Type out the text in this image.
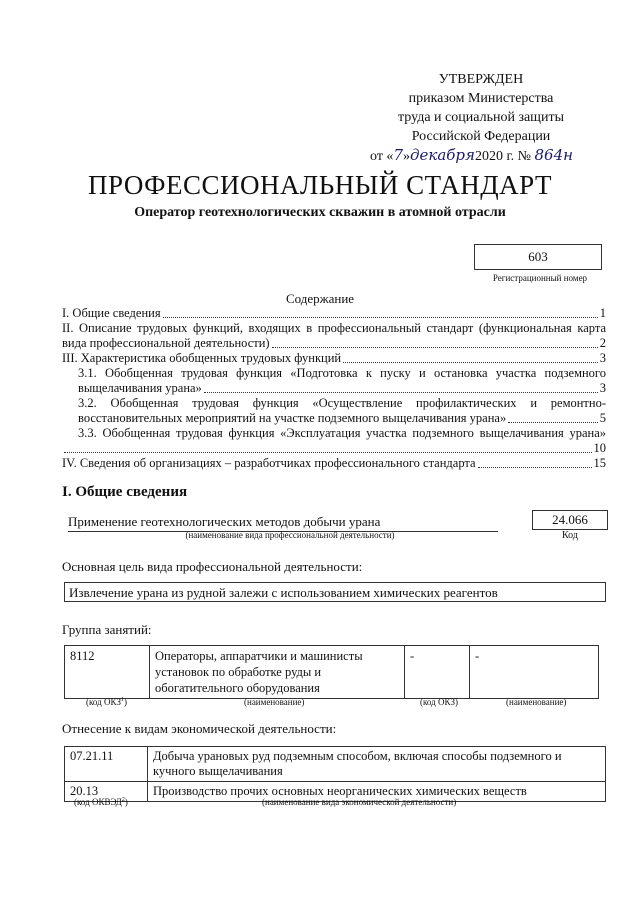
УТВЕРЖДЕН
приказом Министерства
труда и социальной защиты
Российской Федерации
от «7»декабря2020 г. № 864н
ПРОФЕССИОНАЛЬНЫЙ СТАНДАРТ
Оператор геотехнологических скважин в атомной отрасли
603
Регистрационный номер
Содержание
I. Общие сведения	1
II. Описание трудовых функций, входящих в профессиональный стандарт (функциональная карта
вида профессиональной деятельности)	2
III. Характеристика обобщенных трудовых функций	3
3.1. Обобщенная трудовая функция «Подготовка к пуску и остановка участка подземного
выщелачивания урана»	3
3.2. Обобщенная трудовая функция «Осуществление профилактических и ремонтно-
восстановительных мероприятий на участке подземного выщелачивания урана»	5
3.3. Обобщенная трудовая функция «Эксплуатация участка подземного выщелачивания урана»
10
IV. Сведения об организациях – разработчиках профессионального стандарта	15
I. Общие сведения
Применение геотехнологических методов добычи урана
(наименование вида профессиональной деятельности)
24.066
Код
Основная цель вида профессиональной деятельности:
Извлечение урана из рудной залежи с использованием химических реагентов
Группа занятий:
8112	Операторы, аппаратчики и машинисты установок по обработке руды и обогатительного оборудования	-	-
(код ОКЗ$^1$)	(наименование)	(код ОКЗ)	(наименование)
Отнесение к видам экономической деятельности:
07.21.11	Добыча урановых руд подземным способом, включая способы подземного и кучного выщелачивания
20.13	Производство прочих основных неорганических химических веществ
(код ОКВЭД$^2$)	(наименование вида экономической деятельности)
